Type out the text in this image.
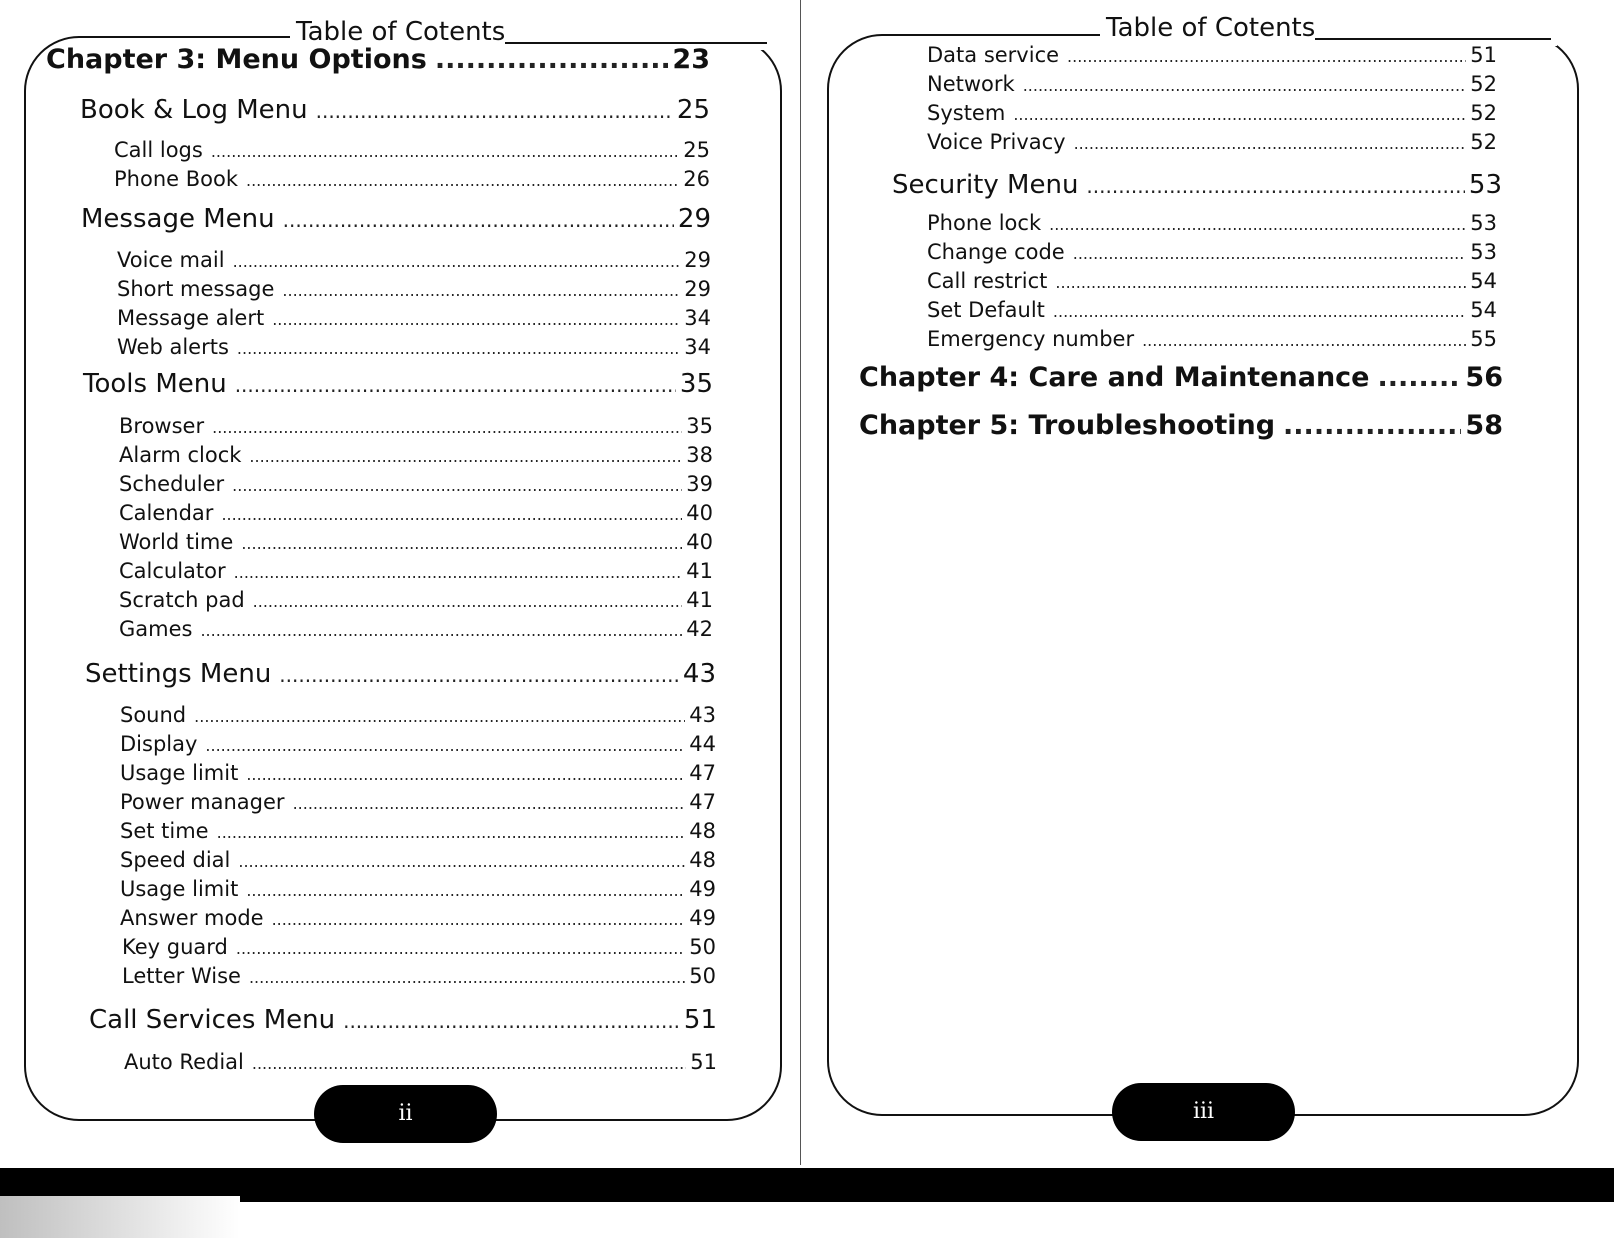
Table of Cotents
Chapter 3: Menu Options .....	23
Book & Log Menu .....	25
Call logs .....	25
Phone Book .....	26
Message Menu .....	29
Voice mail .....	29
Short message .....	29
Message alert .....	34
Web alerts .....	34
Tools Menu .....	35
Browser .....	35
Alarm clock .....	38
Scheduler .....	39
Calendar .....	40
World time .....	40
Calculator .....	41
Scratch pad .....	41
Games .....	42
Settings Menu .....	43
Sound .....	43
Display .....	44
Usage limit .....	47
Power manager .....	47
Set time .....	48
Speed dial .....	48
Usage limit .....	49
Answer mode .....	49
Key guard .....	50
Letter Wise .....	50
Call Services Menu .....	51
Auto Redial .....	51
ii
Table of Cotents
Data service .....	51
Network .....	52
System .....	52
Voice Privacy .....	52
Security Menu .....	53
Phone lock .....	53
Change code .....	53
Call restrict .....	54
Set Default .....	54
Emergency number .....	55
Chapter 4: Care and Maintenance .....	56
Chapter 5: Troubleshooting .....	58
iii
